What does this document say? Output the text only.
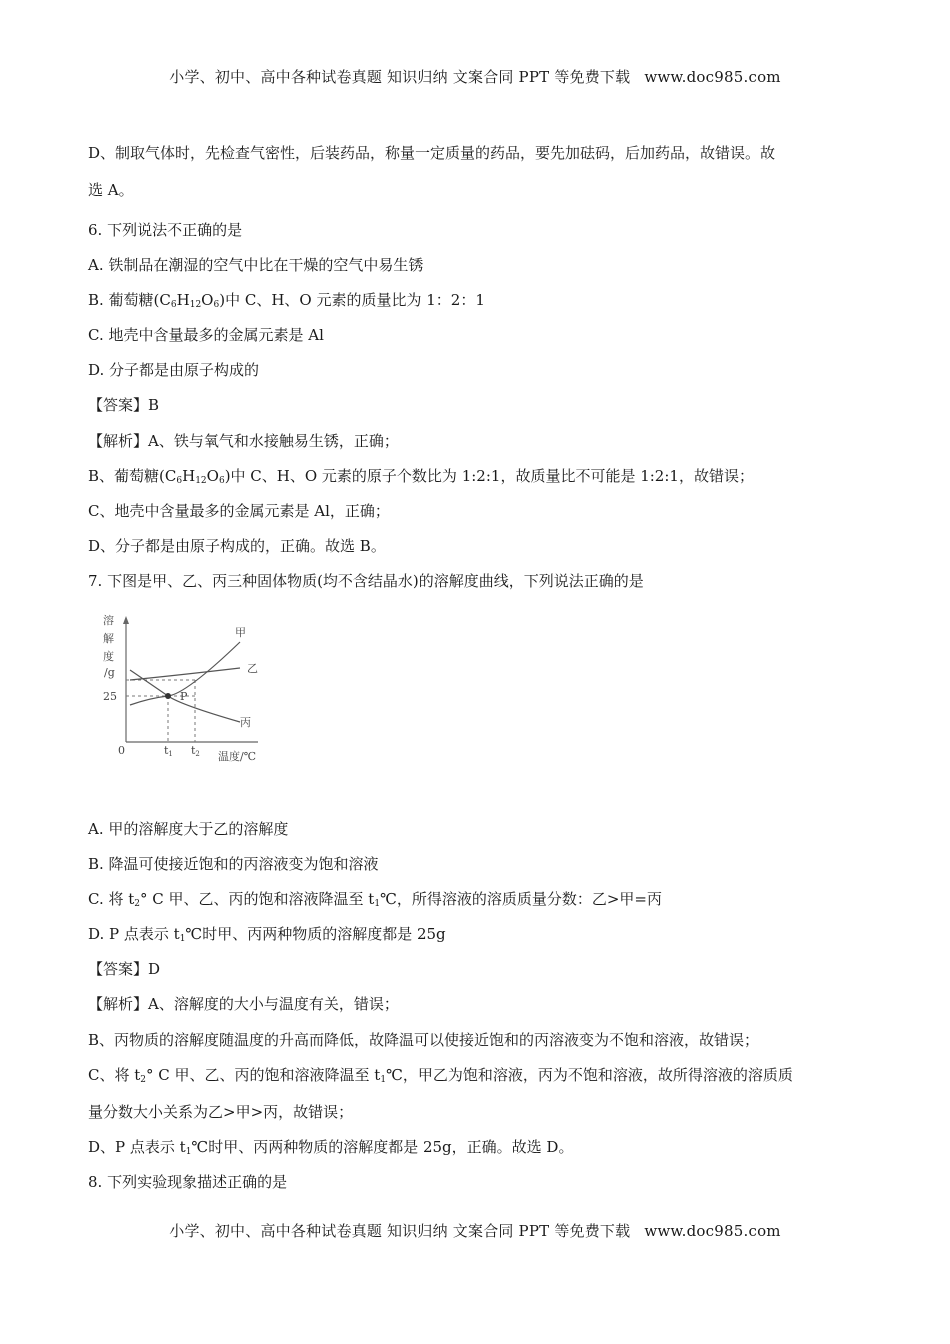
小学、初中、高中各种试卷真题 知识归纳 文案合同 PPT 等免费下载 www.doc985.com
D、制取气体时，先检查气密性，后装药品，称量一定质量的药品，要先加砝码，后加药品，故错误。故
选 A。
6. 下列说法不正确的是
A. 铁制品在潮湿的空气中比在干燥的空气中易生锈
B. 葡萄糖$(C_6H_{12}O_6)$中 C、H、O 元素的质量比为 1：2：1
C. 地壳中含量最多的金属元素是 Al
D. 分子都是由原子构成的
【答案】B
【解析】A、铁与氧气和水接触易生锈，正确；
B、葡萄糖$(C_6H_{12}O_6)$中 C、H、O 元素的原子个数比为 1:2:1，故质量比不可能是 1:2:1，故错误；
C、地壳中含量最多的金属元素是 Al，正确；
D、分子都是由原子构成的，正确。故选 B。
7. 下图是甲、乙、丙三种固体物质(均不含结晶水)的溶解度曲线，下列说法正确的是
溶
解
度
/g
0
25	P
甲
乙
丙
t1 t2 温度/℃
A. 甲的溶解度大于乙的溶解度
B. 降温可使接近饱和的丙溶液变为饱和溶液
C. 将 $t_2^\circ$ C 甲、乙、丙的饱和溶液降温至 $t_1℃$，所得溶液的溶质质量分数：乙>甲=丙
D. P 点表示 $t_1℃$时甲、丙两种物质的溶解度都是 25g
【答案】D
【解析】A、溶解度的大小与温度有关，错误；
B、丙物质的溶解度随温度的升高而降低，故降温可以使接近饱和的丙溶液变为不饱和溶液，故错误；
C、将 $t_2^\circ$ C 甲、乙、丙的饱和溶液降温至 $t_1℃$，甲乙为饱和溶液，丙为不饱和溶液，故所得溶液的溶质质
量分数大小关系为乙>甲>丙，故错误；
D、P 点表示 $t_1℃$时甲、丙两种物质的溶解度都是 25g，正确。故选 D。
8. 下列实验现象描述正确的是
小学、初中、高中各种试卷真题 知识归纳 文案合同 PPT 等免费下载 www.doc985.com
